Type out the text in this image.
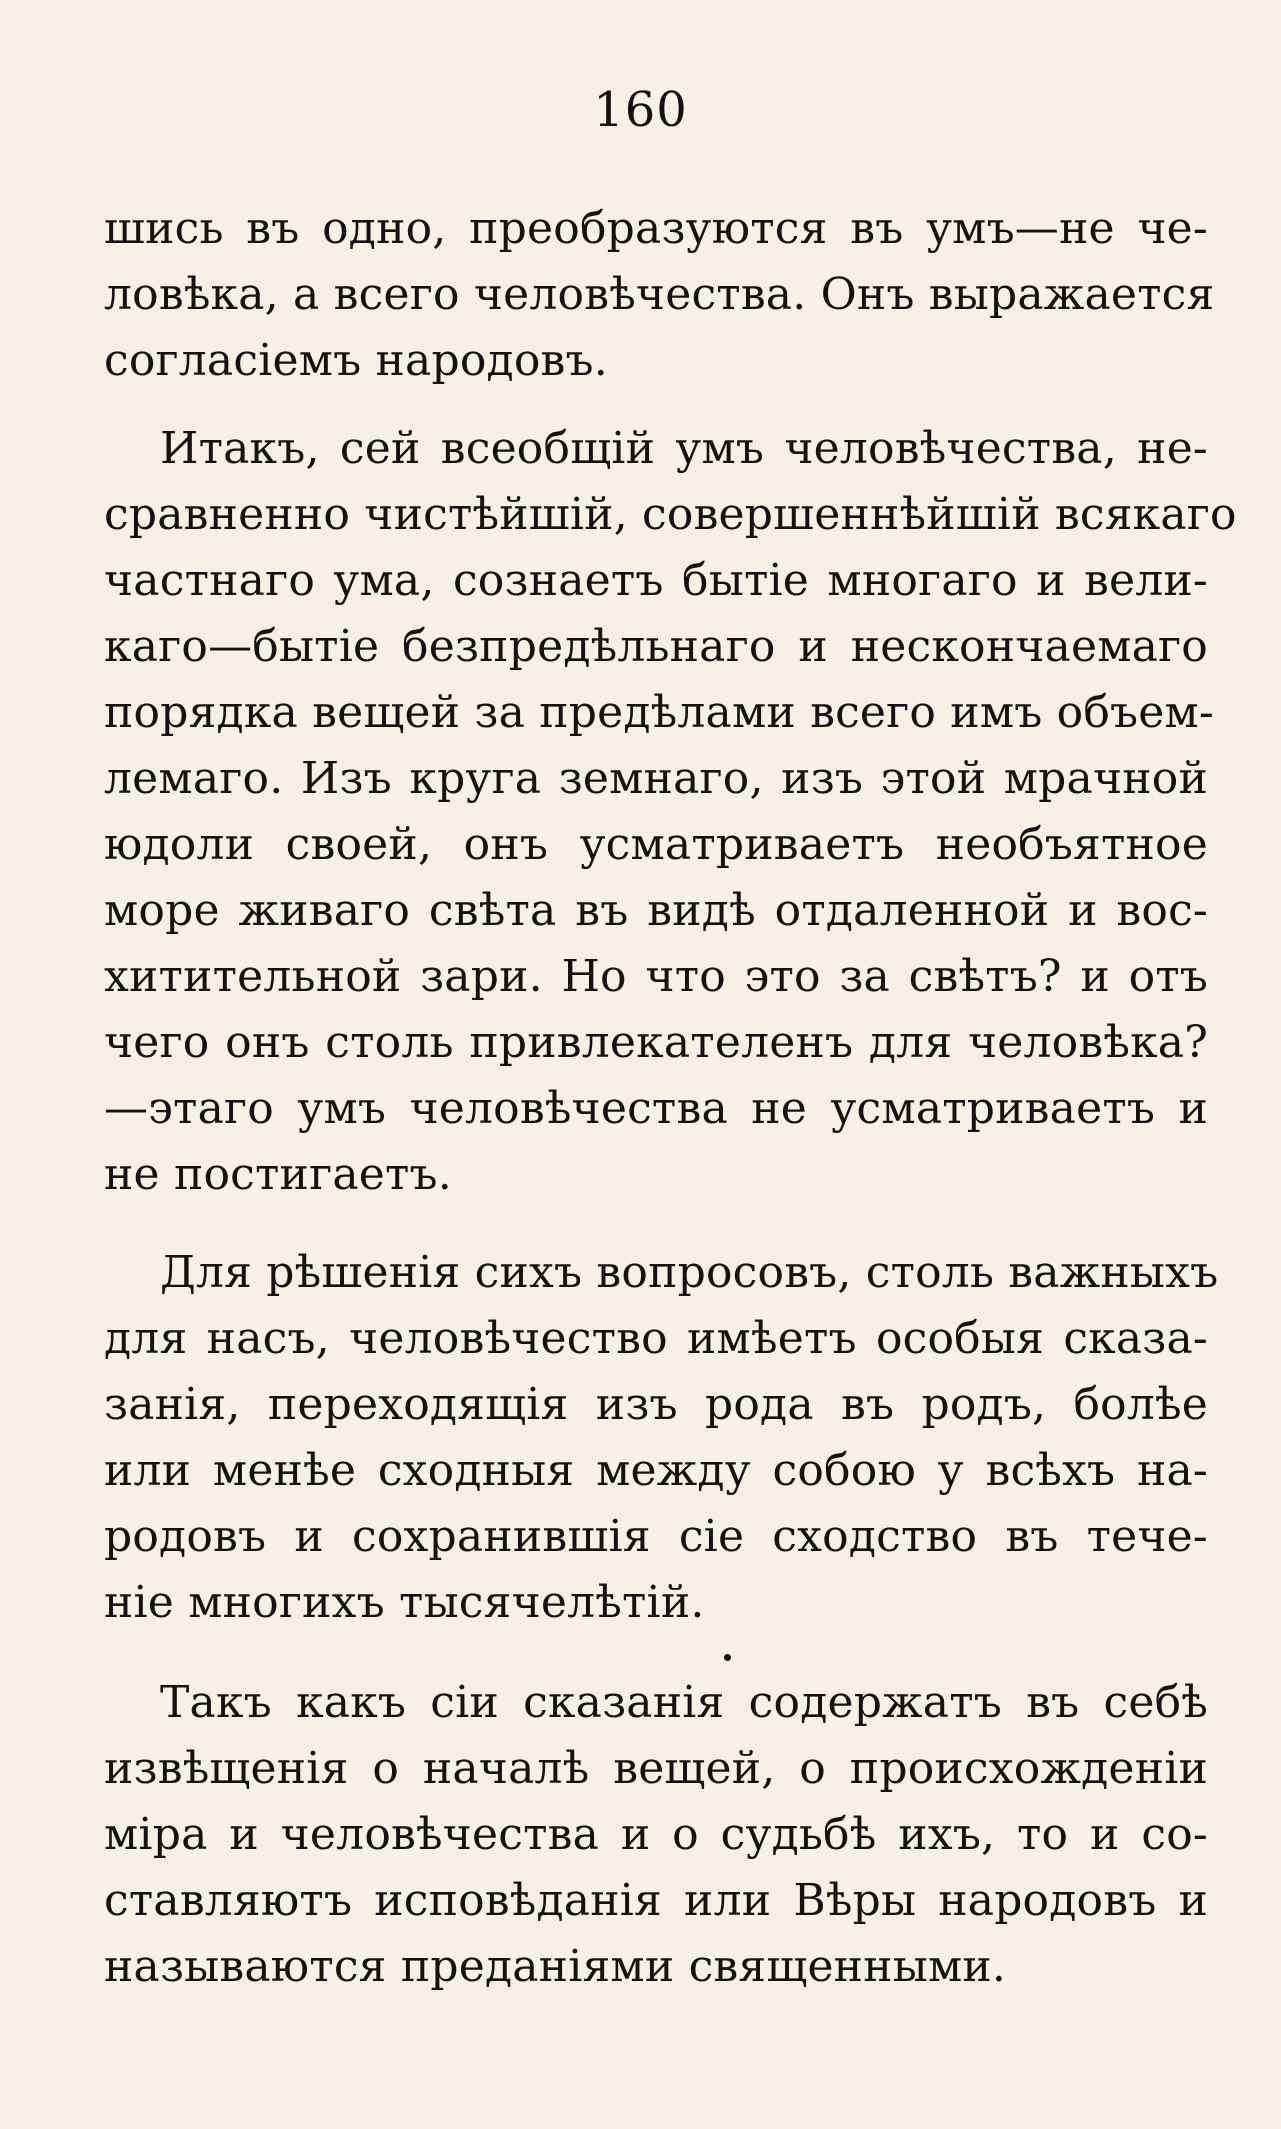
160
шись въ одно, преобразуются въ умъ—не че-
ловѣка, а всего человѣчества. Онъ выражается
согласіемъ народовъ.
Итакъ, сей всеобщій умъ человѣчества, не-
сравненно чистѣйшій, совершеннѣйшій всякаго
частнаго ума, сознаетъ бытіе многаго и вели-
каго—бытіе безпредѣльнаго и нескончаемаго
порядка вещей за предѣлами всего имъ объем-
лемаго. Изъ круга земнаго, изъ этой мрачной
юдоли своей, онъ усматриваетъ необъятное
море живаго свѣта въ видѣ отдаленной и вос-
хитительной зари. Но что это за свѣтъ? и отъ
чего онъ столь привлекателенъ для человѣка?
—этаго умъ человѣчества не усматриваетъ и
не постигаетъ.
Для рѣшенія сихъ вопросовъ, столь важныхъ
для насъ, человѣчество имѣетъ особыя сказа-
занія, переходящія изъ рода въ родъ, болѣе
или менѣе сходныя между собою у всѣхъ на-
родовъ и сохранившія сіе сходство въ тече-
ніе многихъ тысячелѣтій.
Такъ какъ сіи сказанія содержатъ въ себѣ
извѣщенія о началѣ вещей, о происхожденіи
міра и человѣчества и о судьбѣ ихъ, то и со-
ставляютъ исповѣданія или Вѣры народовъ и
называются преданіями священными.
